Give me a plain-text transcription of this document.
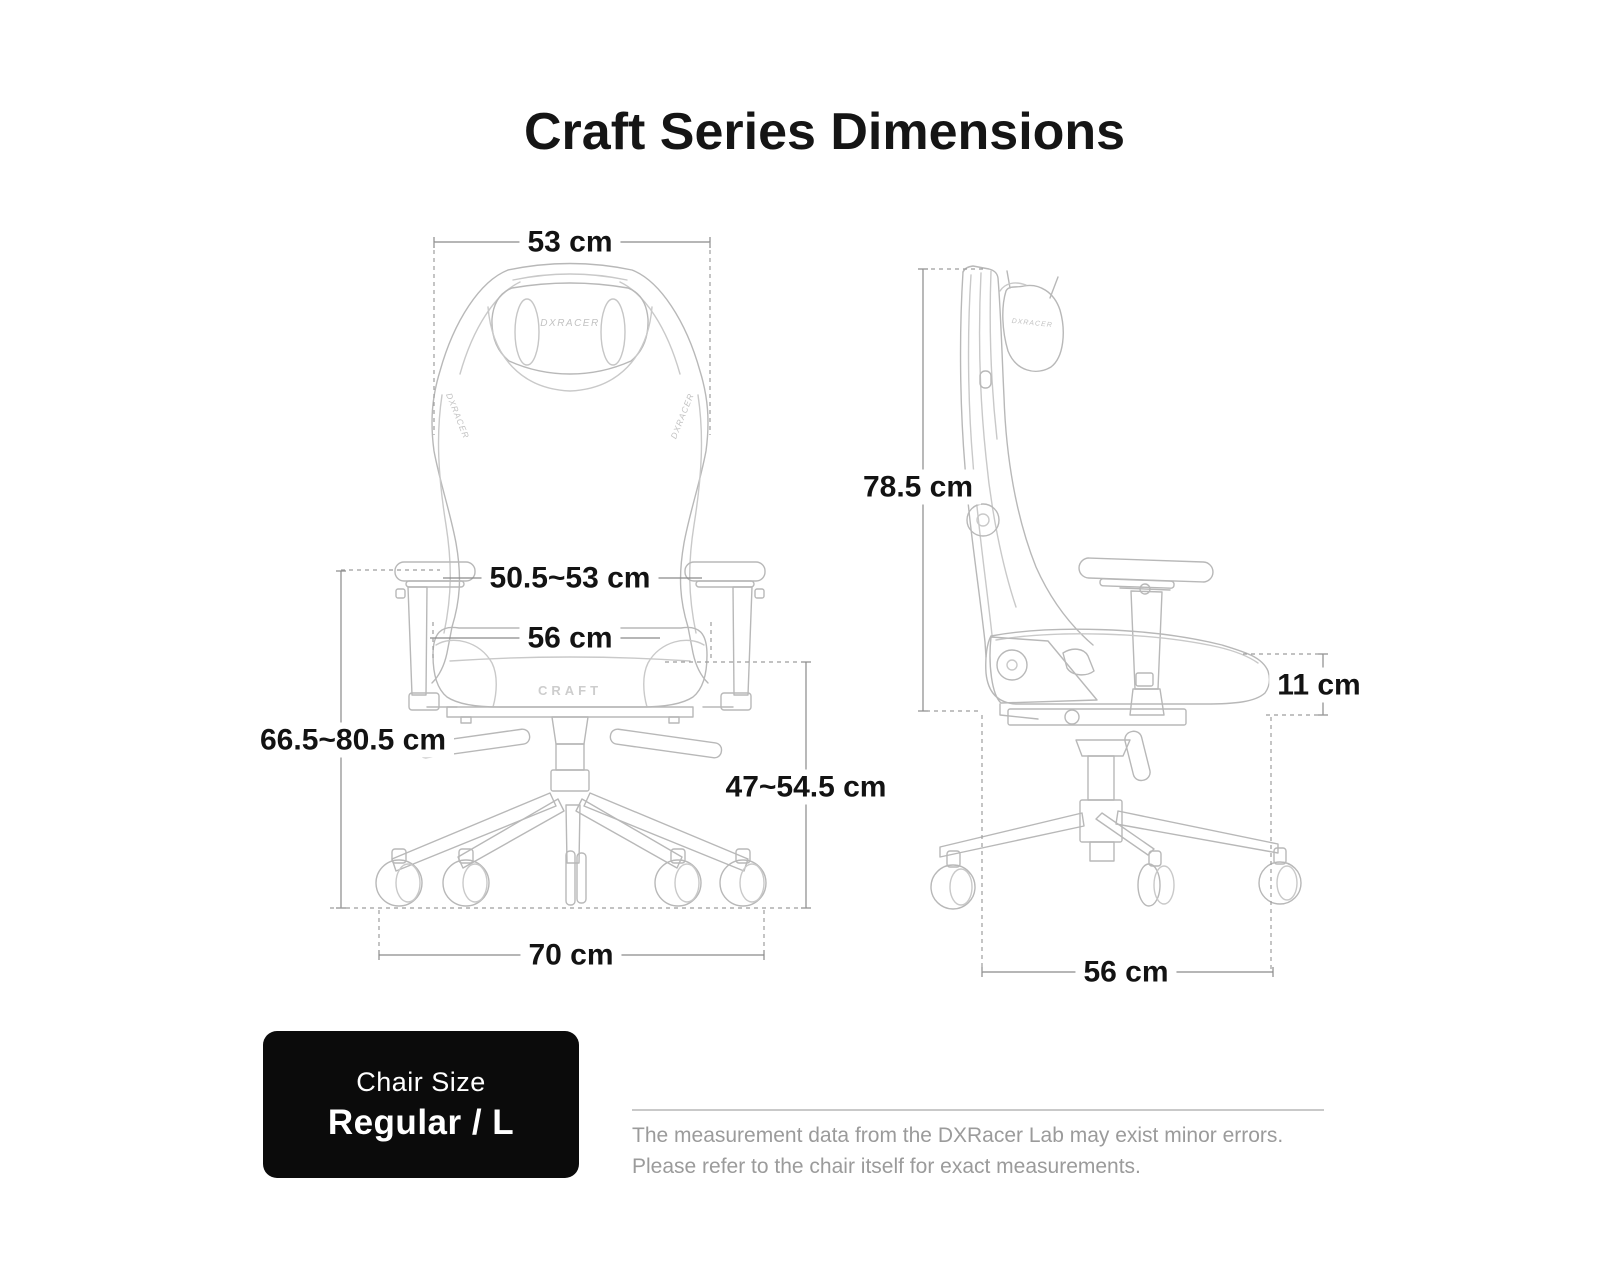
Craft Series Dimensions
DXRACER
DXRACER	DXRACER
CRAFT
DXRACER
53 cm
50.5~53 cm
56 cm
66.5~80.5 cm
47~54.5 cm
70 cm
78.5 cm
11 cm
56 cm
Chair Size
Regular / L	The measurement data from the DXRacer Lab may exist minor errors.
Please refer to the chair itself for exact measurements.
